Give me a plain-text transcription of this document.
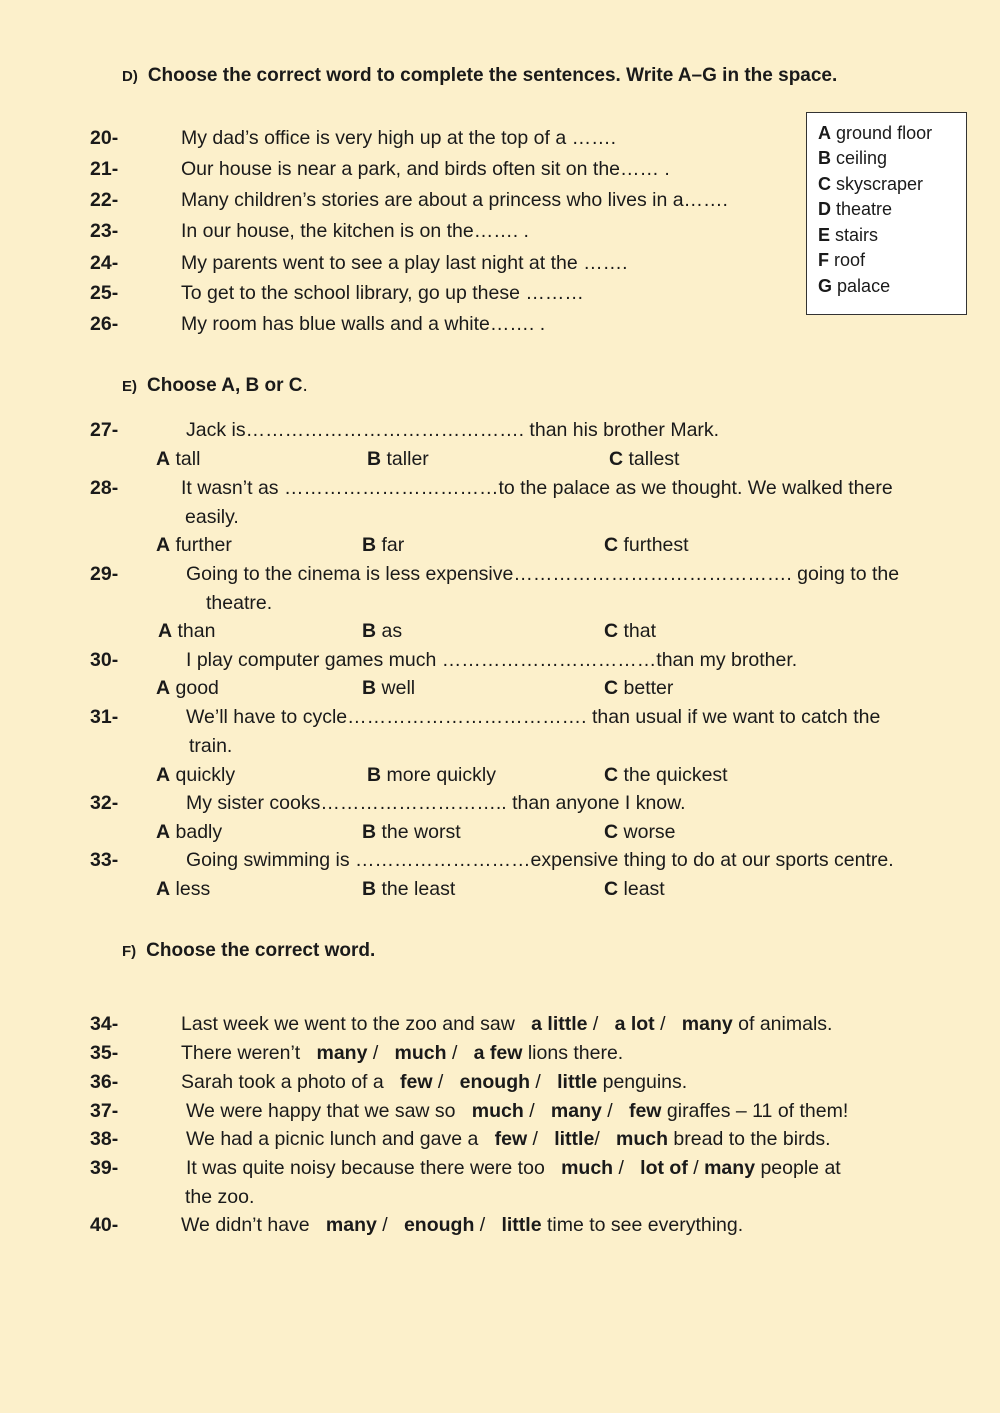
D) Choose the correct word to complete the sentences. Write A–G in the space.
20-	My dad’s office is very high up at the top of a …….
21-	Our house is near a park, and birds often sit on the…… .
22-	Many children’s stories are about a princess who lives in a…….
23-	In our house, the kitchen is on the……. .
24-	My parents went to see a play last night at the …….
25-	To get to the school library, go up these ………
26-	My room has blue walls and a white……. .
A ground floor
B ceiling
C skyscraper
D theatre
E stairs
F roof
G palace
E) Choose A, B or C.
27-	Jack is……………………………………. than his brother Mark.
A tall	B taller	C tallest
28-	It wasn’t as ……………………………to the palace as we thought. We walked there
easily.
A further	B far	C furthest
29-	Going to the cinema is less expensive……………………………………. going to the
theatre.
A than	B as	C that
30-	I play computer games much ……………………………than my brother.
A good	B well	C better
31-	We’ll have to cycle………………………………. than usual if we want to catch the
train.
A quickly	B more quickly	C the quickest
32-	My sister cooks……………………….. than anyone I know.
A badly	B the worst	C worse
33-	Going swimming is ………………………expensive thing to do at our sports centre.
A less	B the least	C least
F) Choose the correct word.
34-	Last week we went to the zoo and saw a little /   a lot /   many of animals.
35-	There weren’t many /   much /   a few lions there.
36-	Sarah took a photo of a few /   enough /   little penguins.
37-	We were happy that we saw so much /   many /   few giraffes – 11 of them!
38-	We had a picnic lunch and gave a few /   little/   much bread to the birds.
39-	It was quite noisy because there were too much /   lot of / many people at
the zoo.
40-	We didn’t have many /   enough /   little time to see everything.
